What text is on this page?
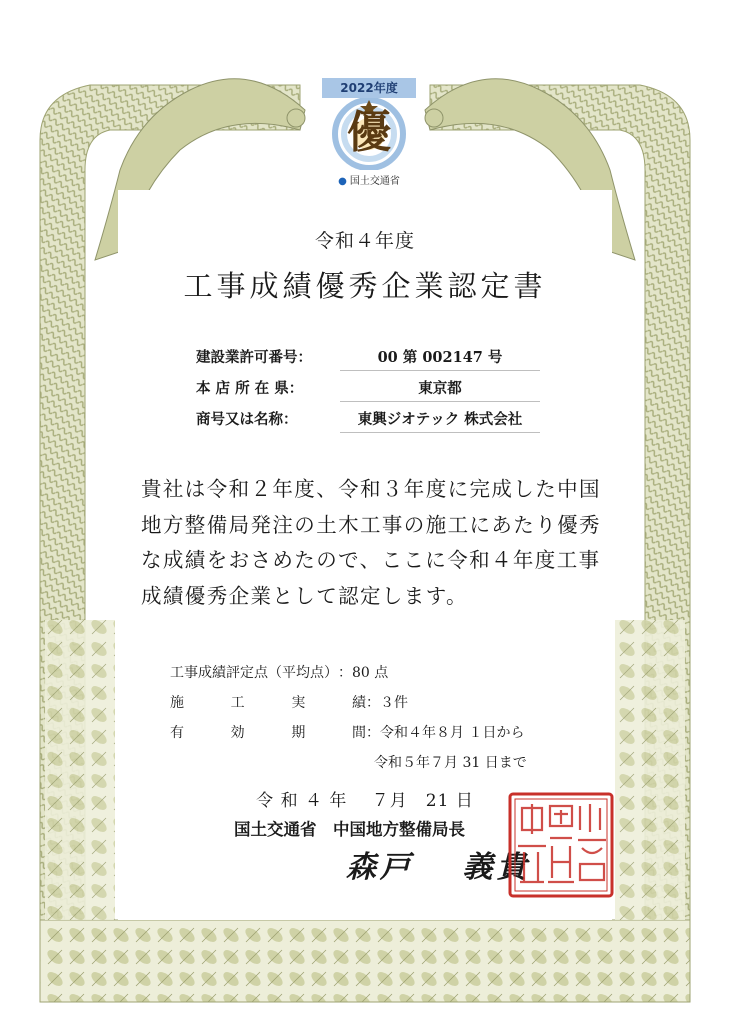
2022年度
優
● 国土交通省
令和４年度
工事成績優秀企業認定書
建設業許可番号：	00 第 002147 号
本 店 所 在 県：	東京都
商号又は名称：	東興ジオテック 株式会社
貴社は令和２年度、令和３年度に完成した中国地方整備局発注の土木工事の施工にあたり優秀な成績をおさめたので、ここに令和４年度工事成績優秀企業として認定します。
工事成績評定点（平均点）：80 点
施　　工　　実　　績：３件
有　　効　　期　　間：令和４年８月 １日から
令和５年７月 31 日まで
令 和 ４ 年　 ７月　21 日
国土交通省　中国地方整備局長
森戸　 義貴
